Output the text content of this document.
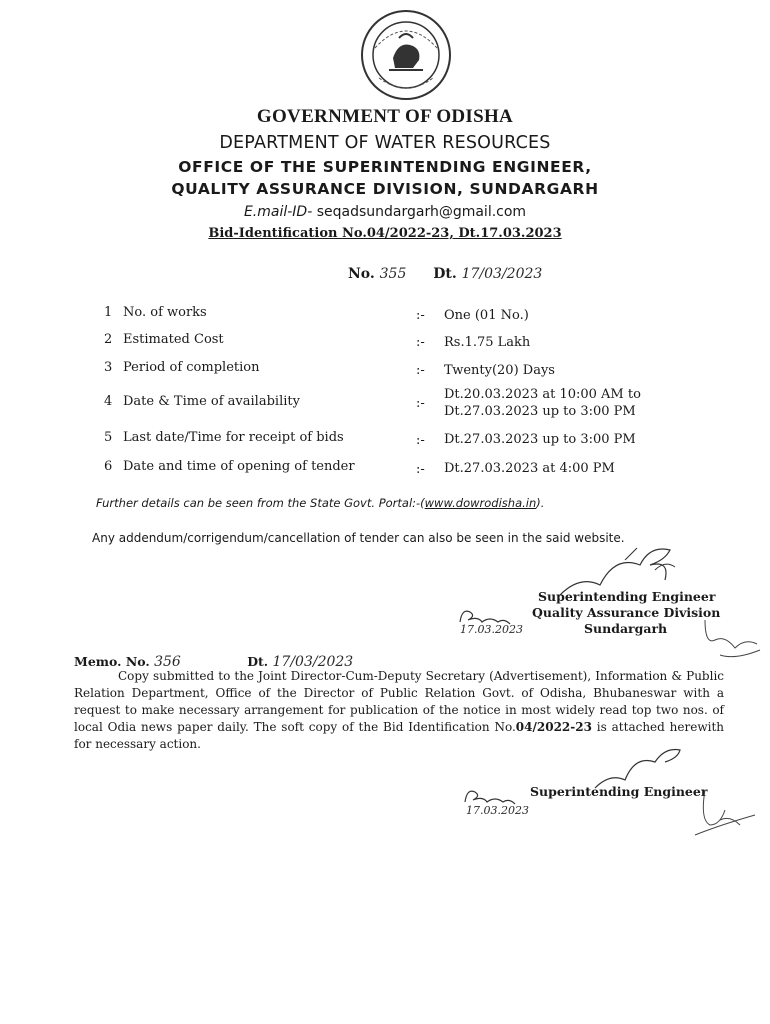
GOVERNMENT OF ODISHA
DEPARTMENT OF WATER RESOURCES
OFFICE OF THE SUPERINTENDING ENGINEER,
QUALITY ASSURANCE DIVISION, SUNDARGARH
E.mail-ID- seqadsundargarh@gmail.com
Bid-Identification No.04/2022-23, Dt.17.03.2023
No. 355 Dt. 17/03/2023
1 No. of works	:- One (01 No.)
2 Estimated Cost	:- Rs.1.75 Lakh
3 Period of completion	:- Twenty(20) Days
4 Date & Time of availability	:-
Dt.20.03.2023 at 10:00 AM to
Dt.27.03.2023 up to 3:00 PM
5 Last date/Time for receipt of bids	:- Dt.27.03.2023 up to 3:00 PM
6 Date and time of opening of tender	:- Dt.27.03.2023 at 4:00 PM
Further details can be seen from the State Govt. Portal:-(www.dowrodisha.in).
Any addendum/corrigendum/cancellation of tender can also be seen in the said website.
Superintending Engineer
Quality Assurance Division
Sundargarh
17.03.2023
Memo. No. 356	Dt. 17/03/2023
Copy submitted to the Joint Director-Cum-Deputy Secretary (Advertisement), Information & Public Relation Department, Office of the Director of Public Relation Govt. of Odisha, Bhubaneswar with a request to make necessary arrangement for publication of the notice in most widely read top two nos. of local Odia news paper daily. The soft copy of the Bid Identification No.04/2022-23 is attached herewith for necessary action.
Superintending Engineer
17.03.2023
